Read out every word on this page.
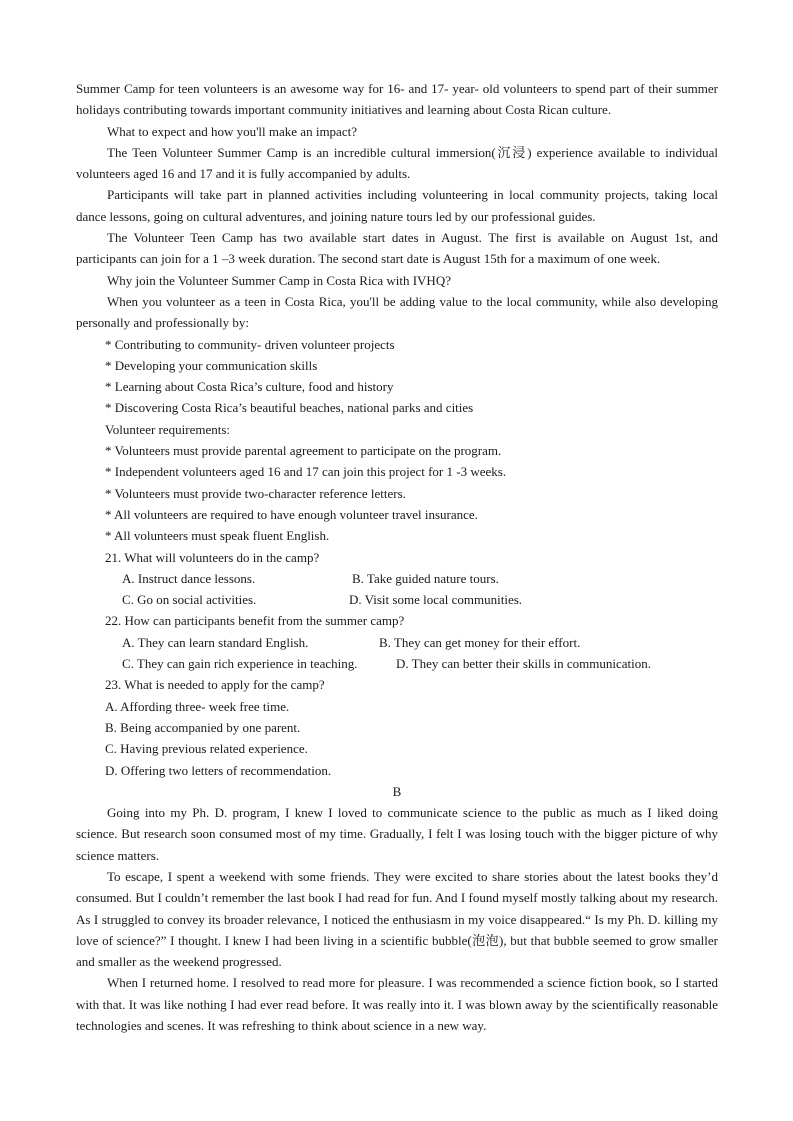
Summer Camp for teen volunteers is an awesome way for 16- and 17- year- old volunteers to spend part of their summer holidays contributing towards important community initiatives and learning about Costa Rican culture.

What to expect and how you'll make an impact?

The Teen Volunteer Summer Camp is an incredible cultural immersion(沉浸) experience available to individual volunteers aged 16 and 17 and it is fully accompanied by adults.

Participants will take part in planned activities including volunteering in local community projects, taking local dance lessons, going on cultural adventures, and joining nature tours led by our professional guides.

The Volunteer Teen Camp has two available start dates in August. The first is available on August 1st, and participants can join for a 1 –3 week duration. The second start date is August 15th for a maximum of one week.

Why join the Volunteer Summer Camp in Costa Rica with IVHQ?

When you volunteer as a teen in Costa Rica, you'll be adding value to the local community, while also developing personally and professionally by:

* Contributing to community- driven volunteer projects

* Developing your communication skills

* Learning about Costa Rica’s culture, food and history

* Discovering Costa Rica’s beautiful beaches, national parks and cities

Volunteer requirements:

* Volunteers must provide parental agreement to participate on the program.

* Independent volunteers aged 16 and 17 can join this project for 1 -3 weeks.

* Volunteers must provide two-character reference letters.

* All volunteers are required to have enough volunteer travel insurance.

* All volunteers must speak fluent English.

21. What will volunteers do in the camp?

A. Instruct dance lessons.	B. Take guided nature tours.
C. Go on social activities.	D. Visit some local communities.

22. How can participants benefit from the summer camp?

A. They can learn standard English.	B. They can get money for their effort.
C. They can gain rich experience in teaching.	D. They can better their skills in communication.

23. What is needed to apply for the camp?

A. Affording three- week free time.

B. Being accompanied by one parent.

C. Having previous related experience.

D. Offering two letters of recommendation.

B

Going into my Ph. D. program, I knew I loved to communicate science to the public as much as I liked doing science. But research soon consumed most of my time. Gradually, I felt I was losing touch with the bigger picture of why science matters.

To escape, I spent a weekend with some friends. They were excited to share stories about the latest books they’d consumed. But I couldn’t remember the last book I had read for fun. And I found myself mostly talking about my research. As I struggled to convey its broader relevance, I noticed the enthusiasm in my voice disappeared.“ Is my Ph. D. killing my love of science?” I thought. I knew I had been living in a scientific bubble(泡泡), but that bubble seemed to grow smaller and smaller as the weekend progressed.

When I returned home. I resolved to read more for pleasure. I was recommended a science fiction book, so I started with that. It was like nothing I had ever read before. It was really into it. I was blown away by the scientifically reasonable technologies and scenes. It was refreshing to think about science in a new way.
